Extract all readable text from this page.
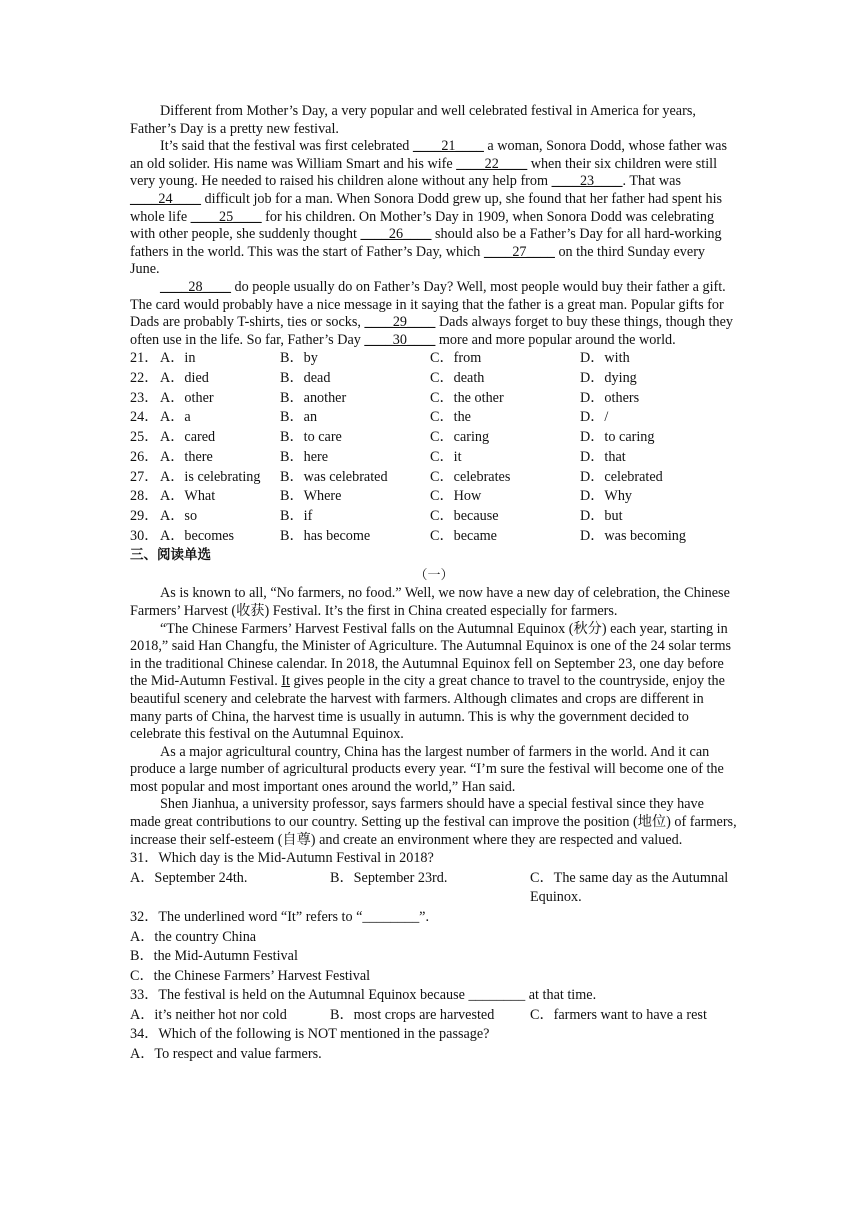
Different from Mother’s Day, a very popular and well celebrated festival in America for years, Father’s Day is a pretty new festival.

It’s said that the festival was first celebrated ____21____ a woman, Sonora Dodd, whose father was an old solider. His name was William Smart and his wife ____22____ when their six children were still very young. He needed to raised his children alone without any help from ____23____. That was ____24____ difficult job for a man. When Sonora Dodd grew up, she found that her father had spent his whole life ____25____ for his children. On Mother’s Day in 1909, when Sonora Dodd was celebrating with other people, she suddenly thought ____26____ should also be a Father’s Day for all hard-working fathers in the world. This was the start of Father’s Day, which ____27____ on the third Sunday every June.

____28____ do people usually do on Father’s Day? Well, most people would buy their father a gift. The card would probably have a nice message in it saying that the father is a great man. Popular gifts for Dads are probably T-shirts, ties or socks, ____29____ Dads always forget to buy these things, though they often use in the life. So far, Father’s Day ____30____ more and more popular around the world.

21． A．in	B．by	C．from	D．with
22． A．died	B．dead	C．death	D．dying
23． A．other	B．another	C．the other	D．others
24． A．a	B．an	C．the	D．/
25． A．cared	B．to care	C．caring	D．to caring
26． A．there	B．here	C．it	D．that
27． A．is celebrating	B．was celebrated	C．celebrates	D．celebrated
28． A．What	B．Where	C．How	D．Why
29． A．so	B．if	C．because	D．but
30． A．becomes	B．has become	C．became	D．was becoming

三、阅读单选

（一）

As is known to all, “No farmers, no food.” Well, we now have a new day of celebration, the Chinese Farmers’ Harvest (收获) Festival. It’s the first in China created especially for farmers.

“The Chinese Farmers’ Harvest Festival falls on the Autumnal Equinox (秋分) each year, starting in 2018,” said Han Changfu, the Minister of Agriculture. The Autumnal Equinox is one of the 24 solar terms in the traditional Chinese calendar. In 2018, the Autumnal Equinox fell on September 23, one day before the Mid-Autumn Festival. It gives people in the city a great chance to travel to the countryside, enjoy the beautiful scenery and celebrate the harvest with farmers. Although climates and crops are different in many parts of China, the harvest time is usually in autumn. This is why the government decided to celebrate this festival on the Autumnal Equinox.

As a major agricultural country, China has the largest number of farmers in the world. And it can produce a large number of agricultural products every year. “I’m sure the festival will become one of the most popular and most important ones around the world,” Han said.

Shen Jianhua, a university professor, says farmers should have a special festival since they have made great contributions to our country. Setting up the festival can improve the position (地位) of farmers, increase their self-esteem (自尊) and create an environment where they are respected and valued.

31．Which day is the Mid-Autumn Festival in 2018?

A．September 24th.	B．September 23rd.	C．The same day as the Autumnal Equinox.

32．The underlined word “It” refers to “________”.

A．the country China

B．the Mid-Autumn Festival

C．the Chinese Farmers’ Harvest Festival

33．The festival is held on the Autumnal Equinox because ________ at that time.

A．it’s neither hot nor cold	B．most crops are harvested	C．farmers want to have a rest

34．Which of the following is NOT mentioned in the passage?

A．To respect and value farmers.
